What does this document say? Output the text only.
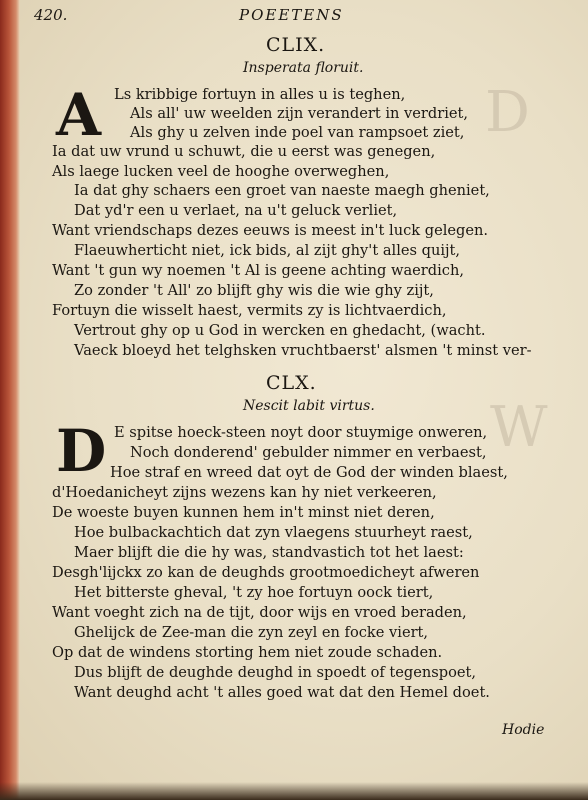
D
W
420.	POEETENS
CLIX.
Insperata floruit.
A Ls kribbige fortuyn in alles u is teghen,
Als all' uw weelden zijn verandert in verdriet,
Als ghy u zelven inde poel van rampsoet ziet,
Ia dat uw vrund u schuwt, die u eerst was genegen,
Als laege lucken veel de hooghe overweghen,
Ia dat ghy schaers een groet van naeste maegh gheniet,
Dat yd'r een u verlaet, na u't geluck verliet,
Want vriendschaps dezes eeuws is meest in't luck gelegen.
Flaeuwherticht niet, ick bids, al zijt ghy't alles quijt,
Want 't gun wy noemen 't Al is geene achting waerdich,
Zo zonder 't All' zo blijft ghy wis die wie ghy zijt,
Fortuyn die wisselt haest, vermits zy is lichtvaerdich,
Vertrout ghy op u God in wercken en ghedacht, (wacht.
Vaeck bloeyd het telghsken vruchtbaerst' alsmen 't minst ver-
CLX.
Nescit labit virtus.
D E spitse hoeck-steen noyt door stuymige onweren,
Noch donderend' gebulder nimmer en verbaest,
Hoe straf en wreed dat oyt de God der winden blaest,
d'Hoedanicheyt zijns wezens kan hy niet verkeeren,
De woeste buyen kunnen hem in't minst niet deren,
Hoe bulbackachtich dat zyn vlaegens stuurheyt raest,
Maer blijft die die hy was, standvastich tot het laest:
Desgh'lijckx zo kan de deughds grootmoedicheyt afweren
Het bitterste gheval, 't zy hoe fortuyn oock tiert,
Want voeght zich na de tijt, door wijs en vroed beraden,
Ghelijck de Zee-man die zyn zeyl en focke viert,
Op dat de windens storting hem niet zoude schaden.
Dus blijft de deughde deughd in spoedt of tegenspoet,
Want deughd acht 't alles goed wat dat den Hemel doet.
Hodie
